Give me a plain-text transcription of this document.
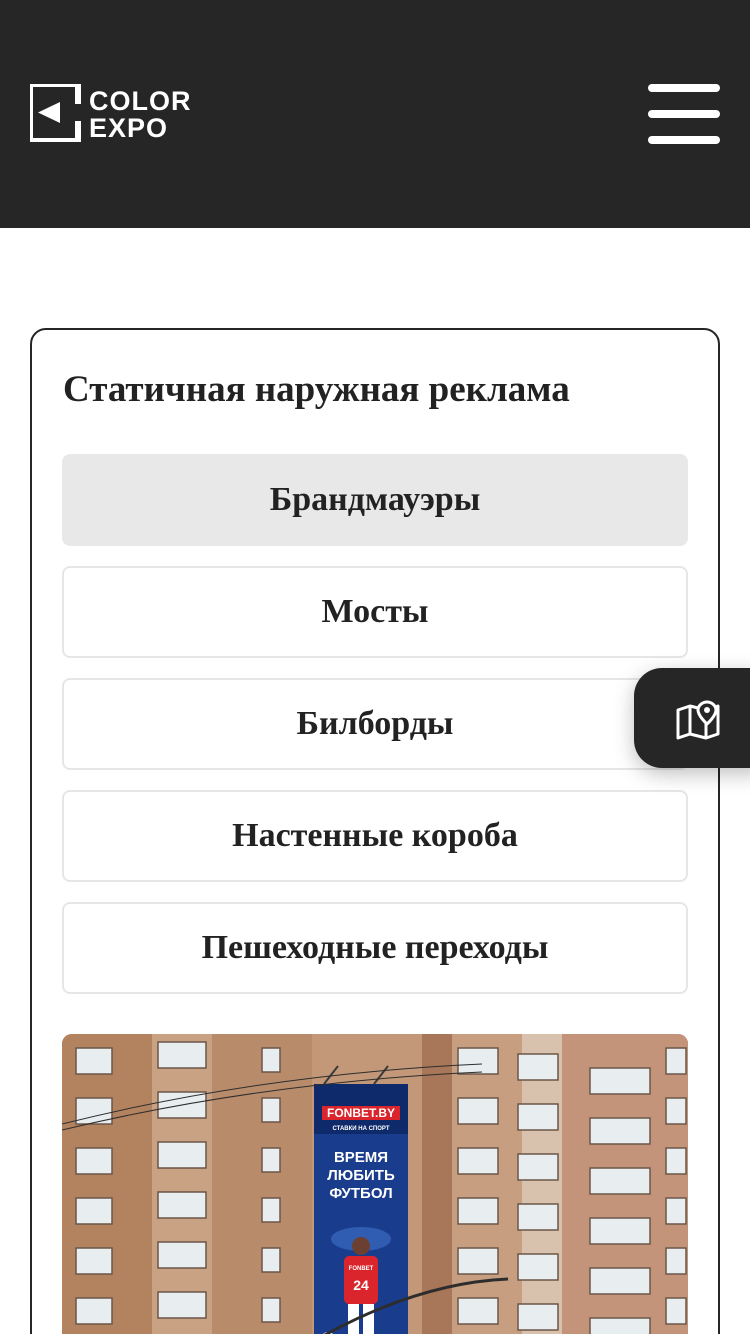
COLOR
EXPO
Статичная наружная реклама
Брандмауэры
Мосты
Билборды
Настенные короба
Пешеходные переходы
FONBET.BY
СТАВКИ НА СПОРТ
ВРЕМЯ
ЛЮБИТЬ
ФУТБОЛ
FONBET
24
